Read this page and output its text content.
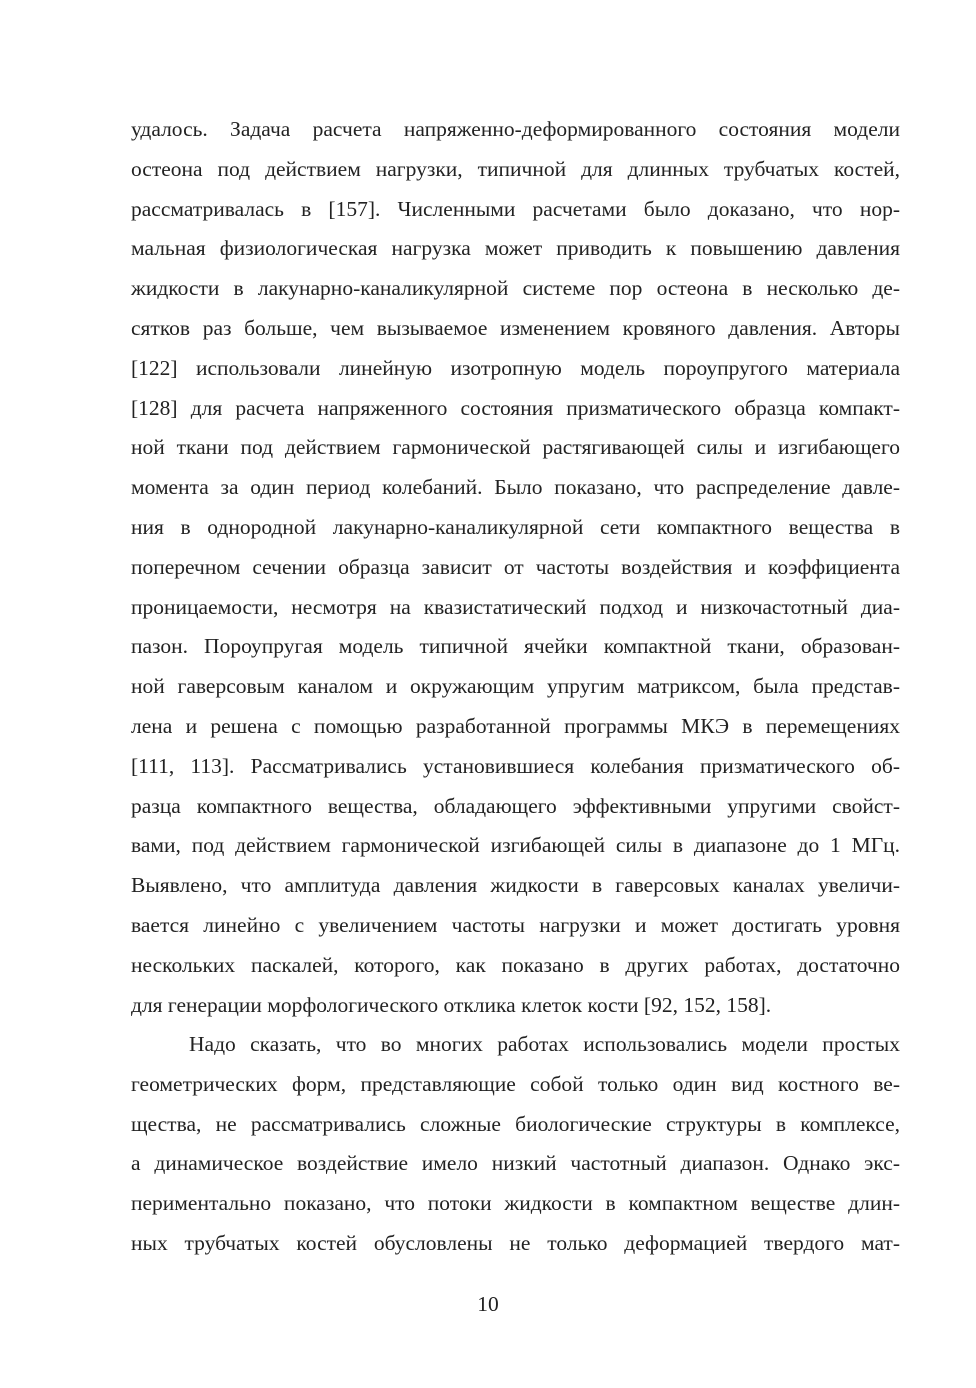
удалось. Задача расчета напряженно-деформированного состояния модели
остеона под действием нагрузки, типичной для длинных трубчатых костей,
рассматривалась в [157]. Численными расчетами было доказано, что нор-
мальная физиологическая нагрузка может приводить к повышению давления
жидкости в лакунарно-каналикулярной системе пор остеона в несколько де-
сятков раз больше, чем вызываемое изменением кровяного давления. Авторы
[122] использовали линейную изотропную модель пороупругого материала
[128] для расчета напряженного состояния призматического образца компакт-
ной ткани под действием гармонической растягивающей силы и изгибающего
момента за один период колебаний. Было показано, что распределение давле-
ния в однородной лакунарно-каналикулярной сети компактного вещества в
поперечном сечении образца зависит от частоты воздействия и коэффициента
проницаемости, несмотря на квазистатический подход и низкочастотный диа-
пазон. Пороупругая модель типичной ячейки компактной ткани, образован-
ной гаверсовым каналом и окружающим упругим матриксом, была представ-
лена и решена с помощью разработанной программы МКЭ в перемещениях
[111, 113]. Рассматривались установившиеся колебания призматического об-
разца компактного вещества, обладающего эффективными упругими свойст-
вами, под действием гармонической изгибающей силы в диапазоне до 1 МГц.
Выявлено, что амплитуда давления жидкости в гаверсовых каналах увеличи-
вается линейно с увеличением частоты нагрузки и может достигать уровня
нескольких паскалей, которого, как показано в других работах, достаточно
для генерации морфологического отклика клеток кости [92, 152, 158].
Надо сказать, что во многих работах использовались модели простых
геометрических форм, представляющие собой только один вид костного ве-
щества, не рассматривались сложные биологические структуры в комплексе,
а динамическое воздействие имело низкий частотный диапазон. Однако экс-
периментально показано, что потоки жидкости в компактном веществе длин-
ных трубчатых костей обусловлены не только деформацией твердого мат-
10
